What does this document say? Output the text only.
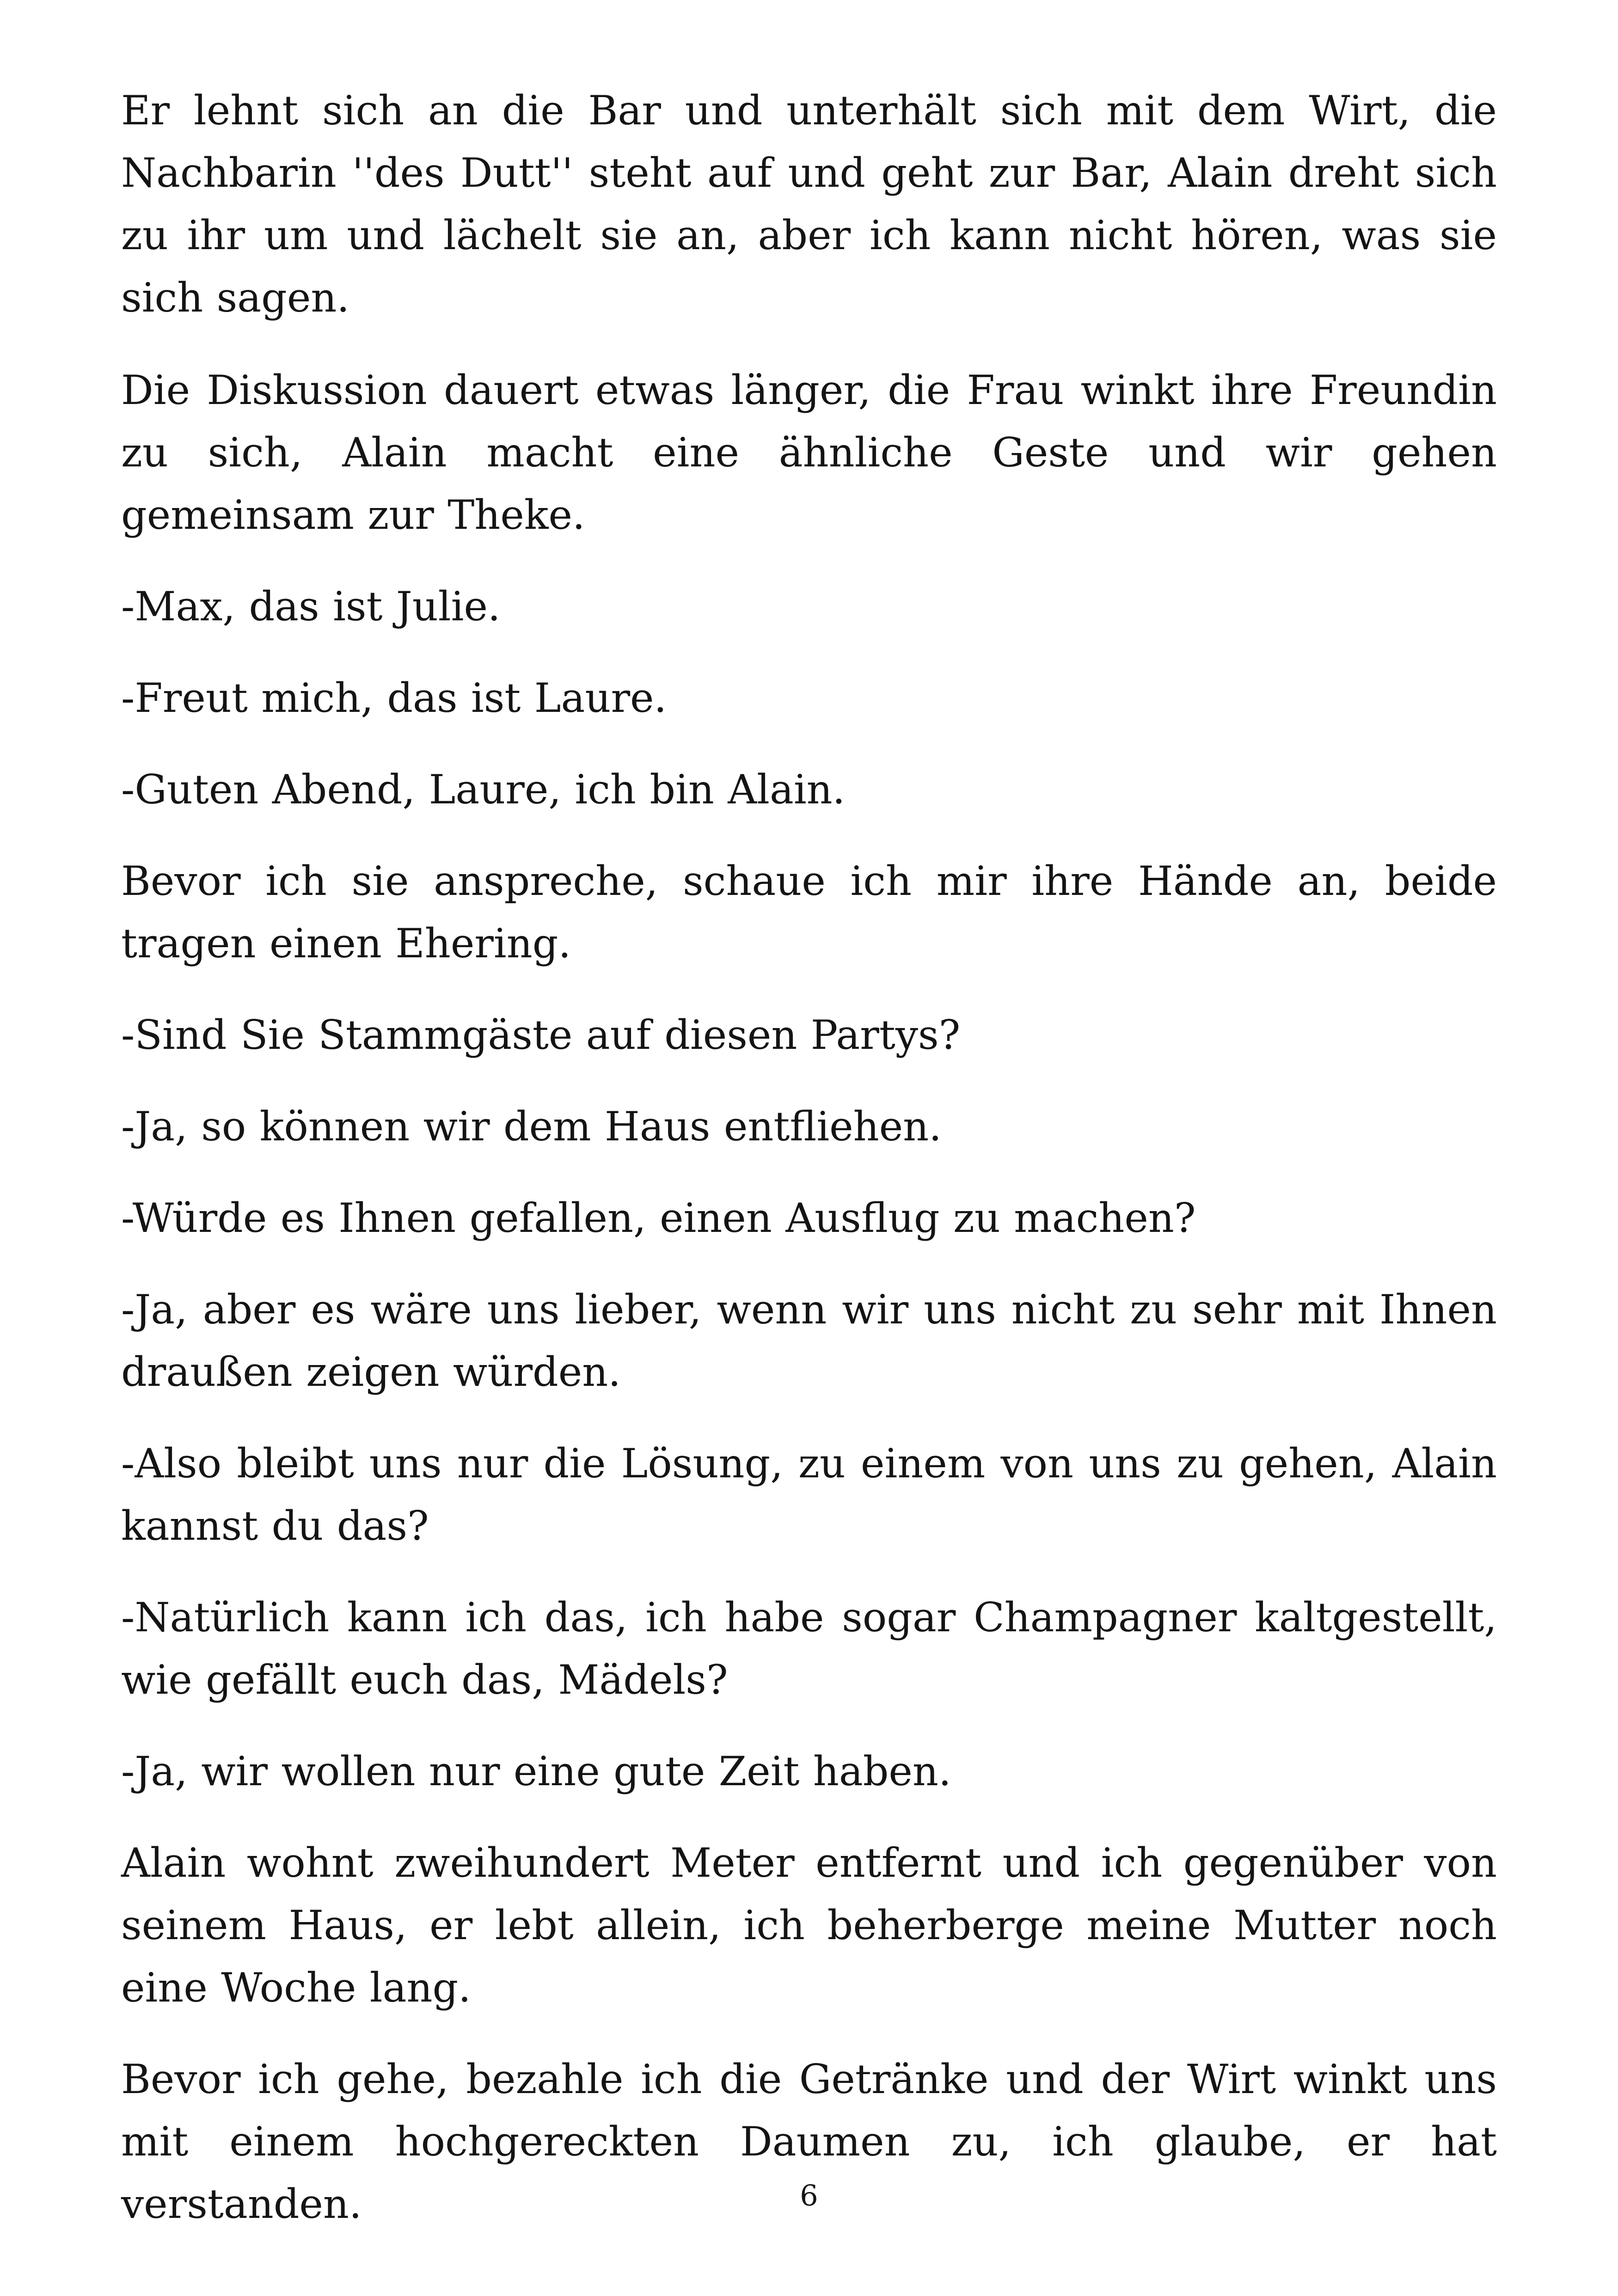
Er lehnt sich an die Bar und unterhält sich mit dem Wirt, die Nachbarin ''des Dutt'' steht auf und geht zur Bar, Alain dreht sich zu ihr um und lächelt sie an, aber ich kann nicht hören, was sie sich sagen.

Die Diskussion dauert etwas länger, die Frau winkt ihre Freundin zu sich, Alain macht eine ähnliche Geste und wir gehen gemeinsam zur Theke.

-Max, das ist Julie.

-Freut mich, das ist Laure.

-Guten Abend, Laure, ich bin Alain.

Bevor ich sie anspreche, schaue ich mir ihre Hände an, beide tragen einen Ehering.

-Sind Sie Stammgäste auf diesen Partys?

-Ja, so können wir dem Haus entfliehen.

-Würde es Ihnen gefallen, einen Ausflug zu machen?

-Ja, aber es wäre uns lieber, wenn wir uns nicht zu sehr mit Ihnen draußen zeigen würden.

-Also bleibt uns nur die Lösung, zu einem von uns zu gehen, Alain kannst du das?

-Natürlich kann ich das, ich habe sogar Champagner kaltgestellt, wie gefällt euch das, Mädels?

-Ja, wir wollen nur eine gute Zeit haben.

Alain wohnt zweihundert Meter entfernt und ich gegenüber von seinem Haus, er lebt allein, ich beherberge meine Mutter noch eine Woche lang.

Bevor ich gehe, bezahle ich die Getränke und der Wirt winkt uns mit einem hochgereckten Daumen zu, ich glaube, er hat verstanden.	6
